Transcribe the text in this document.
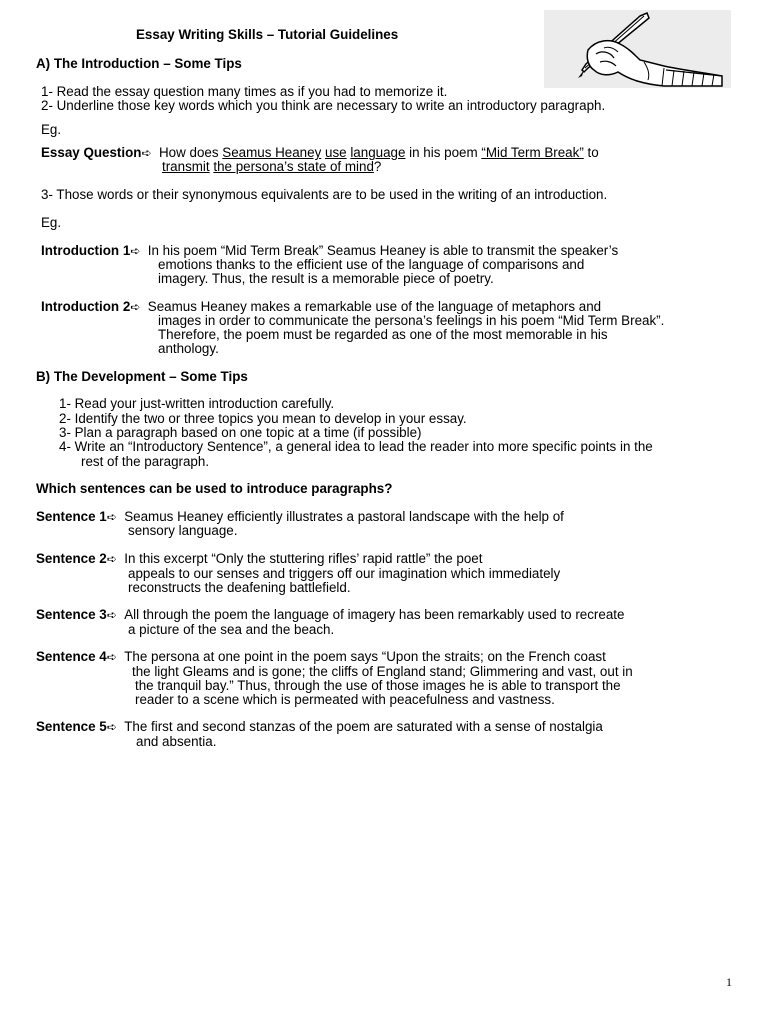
Essay Writing Skills – Tutorial Guidelines
A) The Introduction – Some Tips
1- Read the essay question many times as if you had to memorize it.
2- Underline those key words which you think are necessary to write an introductory paragraph.
Eg.
Essay Question➪ How does Seamus Heaney use language in his poem “Mid Term Break” to
transmit the persona’s state of mind?
3- Those words or their synonymous equivalents are to be used in the writing of an introduction.
Eg.
Introduction 1➪ In his poem “Mid Term Break” Seamus Heaney is able to transmit the speaker’s
emotions thanks to the efficient use of the language of comparisons and
imagery. Thus, the result is a memorable piece of poetry.
Introduction 2➪ Seamus Heaney makes a remarkable use of the language of metaphors and
images in order to communicate the persona’s feelings in his poem “Mid Term Break”.
Therefore, the poem must be regarded as one of the most memorable in his
anthology.
B) The Development – Some Tips
1- Read your just-written introduction carefully.
2- Identify the two or three topics you mean to develop in your essay.
3- Plan a paragraph based on one topic at a time (if possible)
4- Write an “Introductory Sentence”, a general idea to lead the reader into more specific points in the
rest of the paragraph.
Which sentences can be used to introduce paragraphs?
Sentence 1➪ Seamus Heaney efficiently illustrates a pastoral landscape with the help of
sensory language.
Sentence 2➪ In this excerpt “Only the stuttering rifles’ rapid rattle” the poet
appeals to our senses and triggers off our imagination which immediately
reconstructs the deafening battlefield.
Sentence 3➪ All through the poem the language of imagery has been remarkably used to recreate
a picture of the sea and the beach.
Sentence 4➪ The persona at one point in the poem says “Upon the straits; on the French coast
the light Gleams and is gone; the cliffs of England stand; Glimmering and vast, out in
the tranquil bay.” Thus, through the use of those images he is able to transport the
reader to a scene which is permeated with peacefulness and vastness.
Sentence 5➪ The first and second stanzas of the poem are saturated with a sense of nostalgia
and absentia.
1
